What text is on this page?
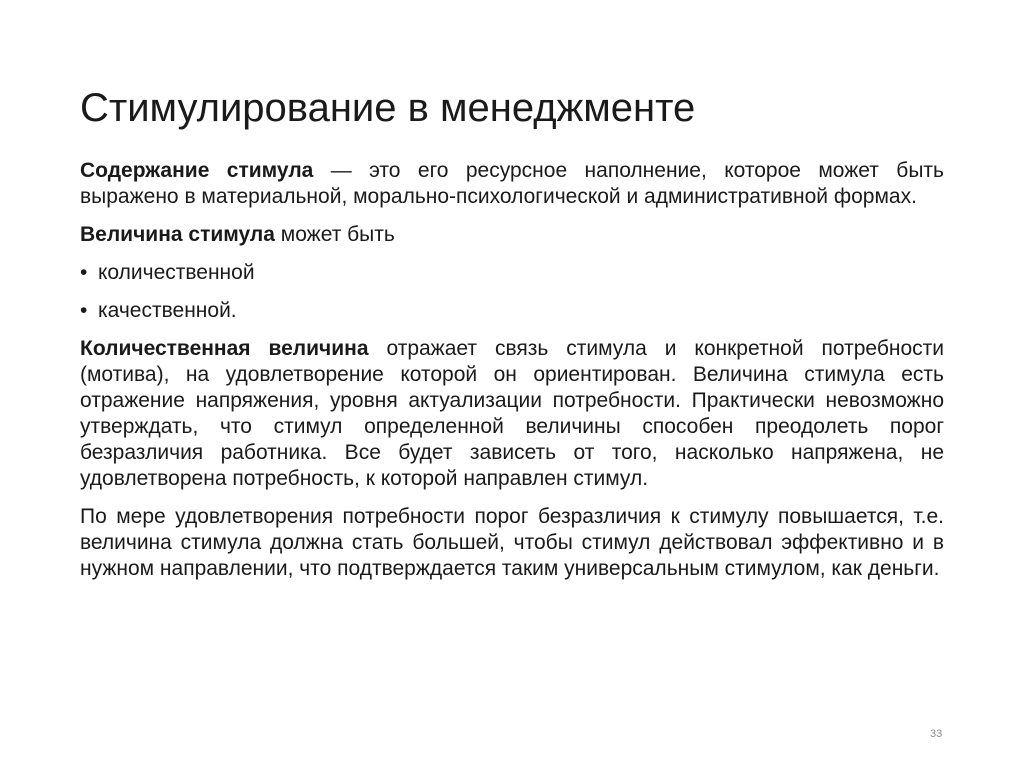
Стимулирование в менеджменте

Содержание стимула — это его ресурсное наполнение, которое может быть выражено в материальной, морально-психологической и административной формах.

Величина стимула может быть

• количественной
• качественной.

Количественная величина отражает связь стимула и конкретной потребности (мотива), на удовлетворение которой он ориентирован. Величина стимула есть отражение напряжения, уровня актуализации потребности. Практически невозможно утверждать, что стимул определенной величины способен преодолеть порог безразличия работника. Все будет зависеть от того, насколько напряжена, не удовлетворена потребность, к которой направлен стимул.

По мере удовлетворения потребности порог безразличия к стимулу повышается, т.е. величина стимула должна стать большей, чтобы стимул действовал эффективно и в нужном направлении, что подтверждается таким универсальным стимулом, как деньги.

33
